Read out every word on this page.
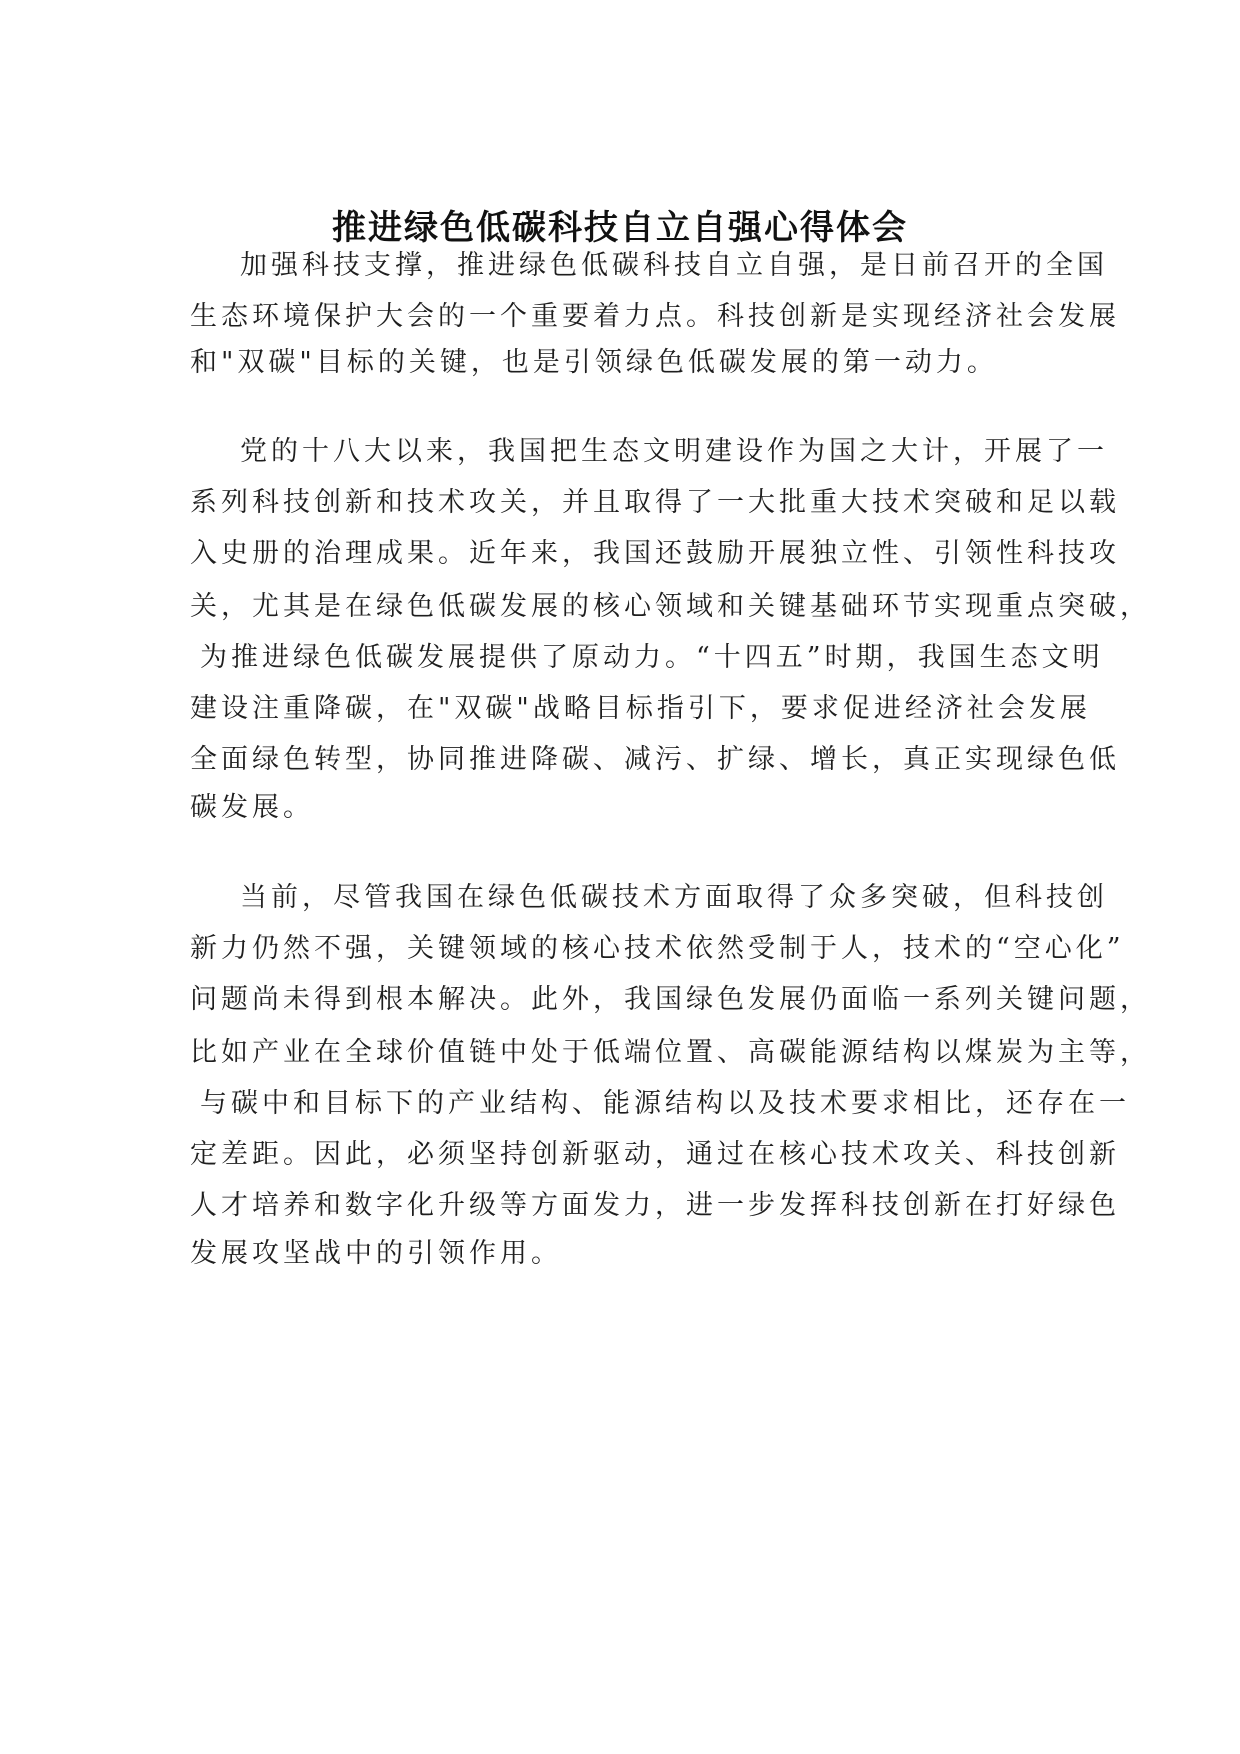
推进绿色低碳科技自立自强心得体会
加强科技支撑，推进绿色低碳科技自立自强，是日前召开的全国
生态环境保护大会的一个重要着力点。科技创新是实现经济社会发展
和"双碳"目标的关键，也是引领绿色低碳发展的第一动力。
党的十八大以来，我国把生态文明建设作为国之大计，开展了一
系列科技创新和技术攻关，并且取得了一大批重大技术突破和足以载
入史册的治理成果。近年来，我国还鼓励开展独立性、引领性科技攻
关，尤其是在绿色低碳发展的核心领域和关键基础环节实现重点突破，
为推进绿色低碳发展提供了原动力。“十四五”时期，我国生态文明
建设注重降碳，在"双碳"战略目标指引下，要求促进经济社会发展
全面绿色转型，协同推进降碳、减污、扩绿、增长，真正实现绿色低
碳发展。
当前，尽管我国在绿色低碳技术方面取得了众多突破，但科技创
新力仍然不强，关键领域的核心技术依然受制于人，技术的“空心化”
问题尚未得到根本解决。此外，我国绿色发展仍面临一系列关键问题，
比如产业在全球价值链中处于低端位置、高碳能源结构以煤炭为主等，
与碳中和目标下的产业结构、能源结构以及技术要求相比，还存在一
定差距。因此，必须坚持创新驱动，通过在核心技术攻关、科技创新
人才培养和数字化升级等方面发力，进一步发挥科技创新在打好绿色
发展攻坚战中的引领作用。
